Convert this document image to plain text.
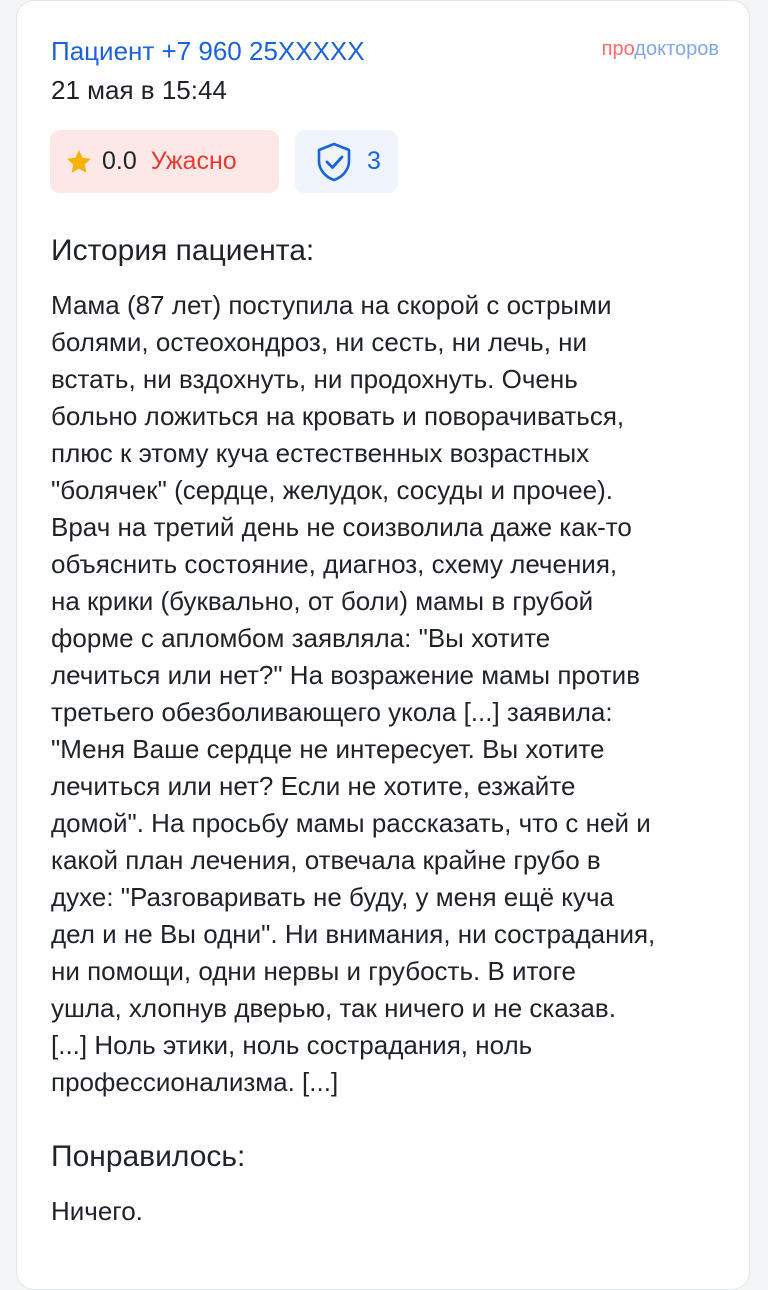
Пациент +7 960 25XXXXX	продокторов
21 мая в 15:44
0.0 Ужасно	3
История пациента:
Мама (87 лет) поступила на скорой с острыми
болями, остеохондроз, ни сесть, ни лечь, ни
встать, ни вздохнуть, ни продохнуть. Очень
больно ложиться на кровать и поворачиваться,
плюс к этому куча естественных возрастных
"болячек" (сердце, желудок, сосуды и прочее).
Врач на третий день не соизволила даже как-то
объяснить состояние, диагноз, схему лечения,
на крики (буквально, от боли) мамы в грубой
форме с апломбом заявляла: "Вы хотите
лечиться или нет?" На возражение мамы против
третьего обезболивающего укола [...] заявила:
"Меня Ваше сердце не интересует. Вы хотите
лечиться или нет? Если не хотите, езжайте
домой". На просьбу мамы рассказать, что с ней и
какой план лечения, отвечала крайне грубо в
духе: "Разговаривать не буду, у меня ещё куча
дел и не Вы одни". Ни внимания, ни сострадания,
ни помощи, одни нервы и грубость. В итоге
ушла, хлопнув дверью, так ничего и не сказав.
[...] Ноль этики, ноль сострадания, ноль
профессионализма. [...]
Понравилось:
Ничего.
